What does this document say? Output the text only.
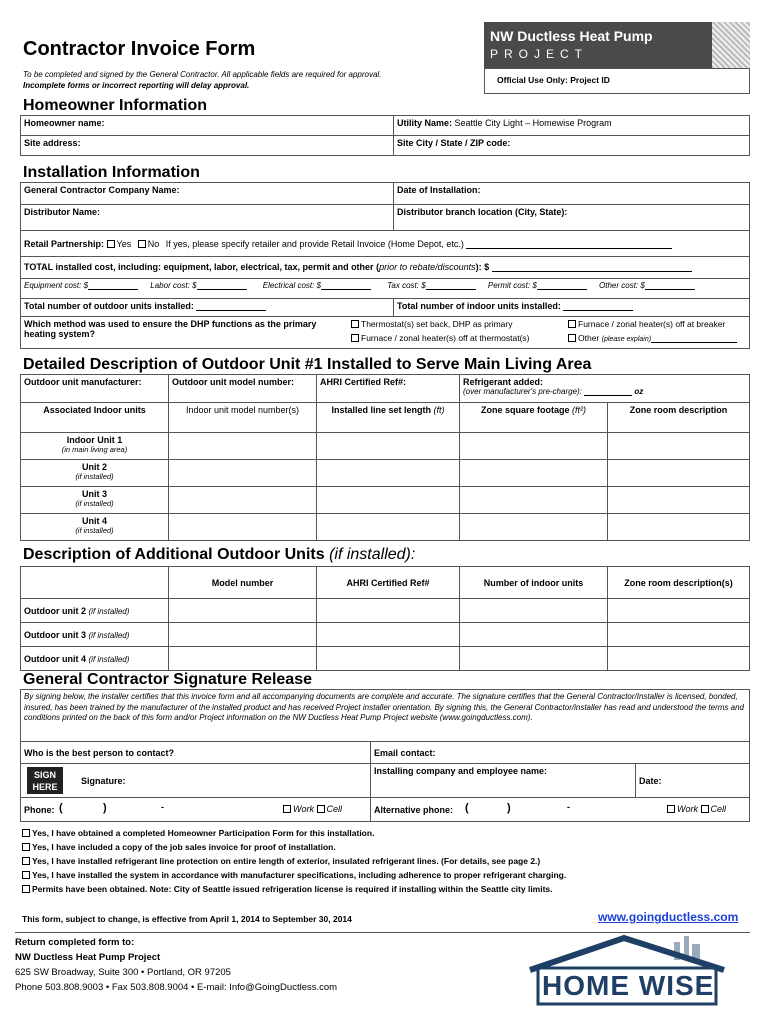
Contractor Invoice Form
To be completed and signed by the General Contractor. All applicable fields are required for approval.
Incomplete forms or incorrect reporting will delay approval.
NW Ductless Heat Pump
PROJECT
Official Use Only: Project ID
Homeowner Information
Homeowner name:	Utility Name: Seattle City Light – Homewise Program
Site address:	Site City / State / ZIP code:
Installation Information
General Contractor Company Name:	Date of Installation:
Distributor Name:	Distributor branch location (City, State):
Retail Partnership: Yes No If yes, please specify retailer and provide Retail Invoice (Home Depot, etc.)	
TOTAL installed cost, including: equipment, labor, electrical, tax, permit and other (prior to rebate/discounts): $	
Equipment cost: $ Labor cost: $ Electrical cost: $ Tax cost: $ Permit cost: $ Other cost: $	
Total number of outdoor units installed:	Total number of indoor units installed:

Which method was used to ensure the DHP functions as the primary heating system?
Thermostat(s) set back, DHP as primary Furnace / zonal heater(s) off at breaker
Furnace / zonal heater(s) off at thermostat(s) Other (please explain)	
Detailed Description of Outdoor Unit #1 Installed to Serve Main Living Area
Outdoor unit manufacturer:	Outdoor unit model number:	AHRI Certified Ref#:	Refrigerant added:
(over manufacturer's pre-charge): oz	

Associated Indoor units	Indoor unit model number(s)	Installed line set length (ft)	Zone square footage (ft²)	Zone room description

Indoor Unit 1
(in main living area)				

Unit 2
(if installed)				

Unit 3
(if installed)				

Unit 4
(if installed)				

Description of Additional Outdoor Units (if installed):
	Model number	AHRI Certified Ref#	Number of indoor units	Zone room description(s)
Outdoor unit 2 (if installed)				
Outdoor unit 3 (if installed)				
Outdoor unit 4 (if installed)				
General Contractor Signature Release
By signing below, the installer certifies that this invoice form and all accompanying documents are complete and accurate. The signature certifies that the General Contractor/Installer is licensed, bonded, insured, has been trained by the manufacturer of the installed product and has received Project installer orientation. By signing this, the General Contractor/installer has read and understood the terms and conditions printed on the back of this form and/or Project information on the NW Ductless Heat Pump Project website (www.goingductless.com).		
Who is the best person to contact?	Email contact:	

SIGN
HERE
Signature:	Installing company and employee name:	Date:
Phone: ( ) - Work Cell	Alternative phone: ( ) - Work Cell	
Yes, I have obtained a completed Homeowner Participation Form for this installation.
Yes, I have included a copy of the job sales invoice for proof of installation.
Yes, I have installed refrigerant line protection on entire length of exterior, insulated refrigerant lines. (For details, see page 2.)
Yes, I have installed the system in accordance with manufacturer specifications, including adherence to proper refrigerant charging.
Permits have been obtained. Note: City of Seattle issued refrigeration license is required if installing within the Seattle city limits.
This form, subject to change, is effective from April 1, 2014 to September 30, 2014	www.goingductless.com
Return completed form to:
NW Ductless Heat Pump Project
625 SW Broadway, Suite 300 • Portland, OR 97205
Phone 503.808.9003 • Fax 503.808.9004 • E-mail: Info@GoingDuctless.com	HOME WISE
